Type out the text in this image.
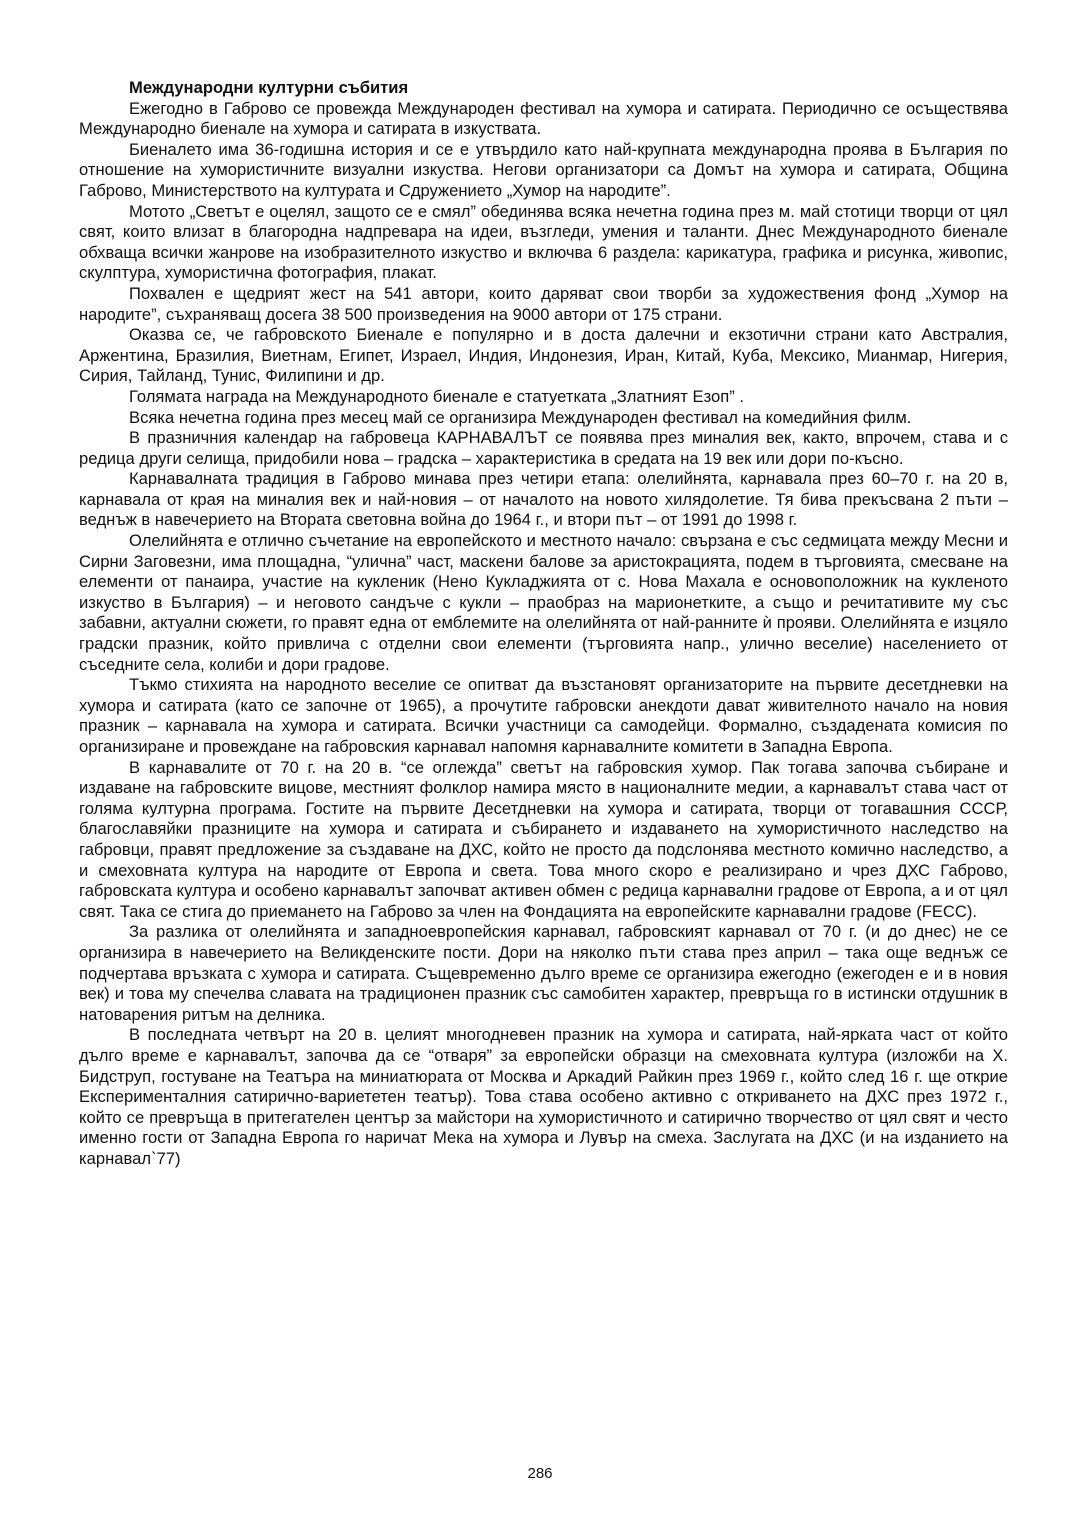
Международни културни събития

Ежегодно в Габрово се провежда Международен фестивал на хумора и сатирата. Периодично се осъществява Международно биенале на хумора и сатирата в изкуствата.

Биеналето има 36-годишна история и се е утвърдило като най-крупната международна проява в България по отношение на хумористичните визуални изкуства. Негови организатори са Домът на хумора и сатирата, Община Габрово, Министерството на културата и Сдружението „Хумор на народите”.

Мотото „Светът е оцелял, защото се е смял” обединява всяка нечетна година през м. май стотици творци от цял свят, които влизат в благородна надпревара на идеи, възгледи, умения и таланти. Днес Международното биенале обхваща всички жанрове на изобразителното изкуство и включва 6 раздела: карикатура, графика и рисунка, живопис, скулптура, хумористична фотография, плакат.

Похвален е щедрият жест на 541 автори, които даряват свои творби за художествения фонд „Хумор на народите”, съхраняващ досега 38 500 произведения на 9000 автори от 175 страни.

Оказва се, че габровското Биенале е популярно и в доста далечни и екзотични страни като Австралия, Аржентина, Бразилия, Виетнам, Египет, Израел, Индия, Индонезия, Иран, Китай, Куба, Мексико, Мианмар, Нигерия, Сирия, Тайланд, Тунис, Филипини и др.

Голямата награда на Международното биенале е статуетката „Златният Езоп” .

Всяка нечетна година през месец май се организира Международен фестивал на комедийния филм.

В празничния календар на габровеца КАРНАВАЛЪТ се появява през миналия век, както, впрочем, става и с редица други селища, придобили нова – градска – характеристика в средата на 19 век или дори по-късно.

Карнавалната традиция в Габрово минава през четири етапа: олелийнята, карнавала през 60–70 г. на 20 в, карнавала от края на миналия век и най-новия – от началото на новото хилядолетие. Тя бива прекъсвана 2 пъти – веднъж в навечерието на Втората световна война до 1964 г., и втори път – от 1991 до 1998 г.

Олелийнята е отлично съчетание на европейското и местното начало: свързана е със седмицата между Месни и Сирни Заговезни, има площадна, “улична” част, маскени балове за аристокрацията, подем в търговията, смесване на елементи от панаира, участие на кукленик (Нено Кукладжията от с. Нова Махала е основоположник на кукленото изкуство в България) – и неговото сандъче с кукли – праобраз на марионетките, а също и речитативите му със забавни, актуални сюжети, го правят една от емблемите на олелийнята от най-ранните ѝ прояви. Олелийнята е изцяло градски празник, който привлича с отделни свои елементи (търговията напр., улично веселие) населението от съседните села, колиби и дори градове.

Тъкмо стихията на народното веселие се опитват да възстановят организаторите на първите десетдневки на хумора и сатирата (като се започне от 1965), а прочутите габровски анекдоти дават живителното начало на новия празник – карнавала на хумора и сатирата. Всички участници са самодейци. Формално, създадената комисия по организиране и провеждане на габровския карнавал напомня карнавалните комитети в Западна Европа.

В карнавалите от 70 г. на 20 в. “се оглежда” светът на габровския хумор. Пак тогава започва събиране и издаване на габровските вицове, местният фолклор намира място в националните медии, а карнавалът става част от голяма културна програма. Гостите на първите Десетдневки на хумора и сатирата, творци от тогавашния СССР, благославяйки празниците на хумора и сатирата и събирането и издаването на хумористичното наследство на габровци, правят предложение за създаване на ДХС, който не просто да подслонява местното комично наследство, а и смеховната култура на народите от Европа и света. Това много скоро е реализирано и чрез ДХС Габрово, габровската култура и особено карнавалът започват активен обмен с редица карнавални градове от Европа, а и от цял свят. Така се стига до приемането на Габрово за член на Фондацията на европейските карнавални градове (FECC).

За разлика от олелийнята и западноевропейския карнавал, габровският карнавал от 70 г. (и до днес) не се организира в навечерието на Великденските пости. Дори на няколко пъти става през април – така още веднъж се подчертава връзката с хумора и сатирата. Същевременно дълго време се организира ежегодно (ежегоден е и в новия век) и това му спечелва славата на традиционен празник със самобитен характер, превръща го в истински отдушник в натоварения ритъм на делника.

В последната четвърт на 20 в. целият многодневен празник на хумора и сатирата, най-ярката част от който дълго време е карнавалът, започва да се “отваря” за европейски образци на смеховната култура (изложби на Х. Бидструп, гостуване на Театъра на миниатюрата от Москва и Аркадий Райкин през 1969 г., който след 16 г. ще открие Експерименталния сатирично-вариететен театър). Това става особено активно с откриването на ДХС през 1972 г., който се превръща в притегателен център за майстори на хумористичното и сатирично творчество от цял свят и често именно гости от Западна Европа го наричат Мека на хумора и Лувър на смеха. Заслугата на ДХС (и на изданието на карнавал`77)

286
